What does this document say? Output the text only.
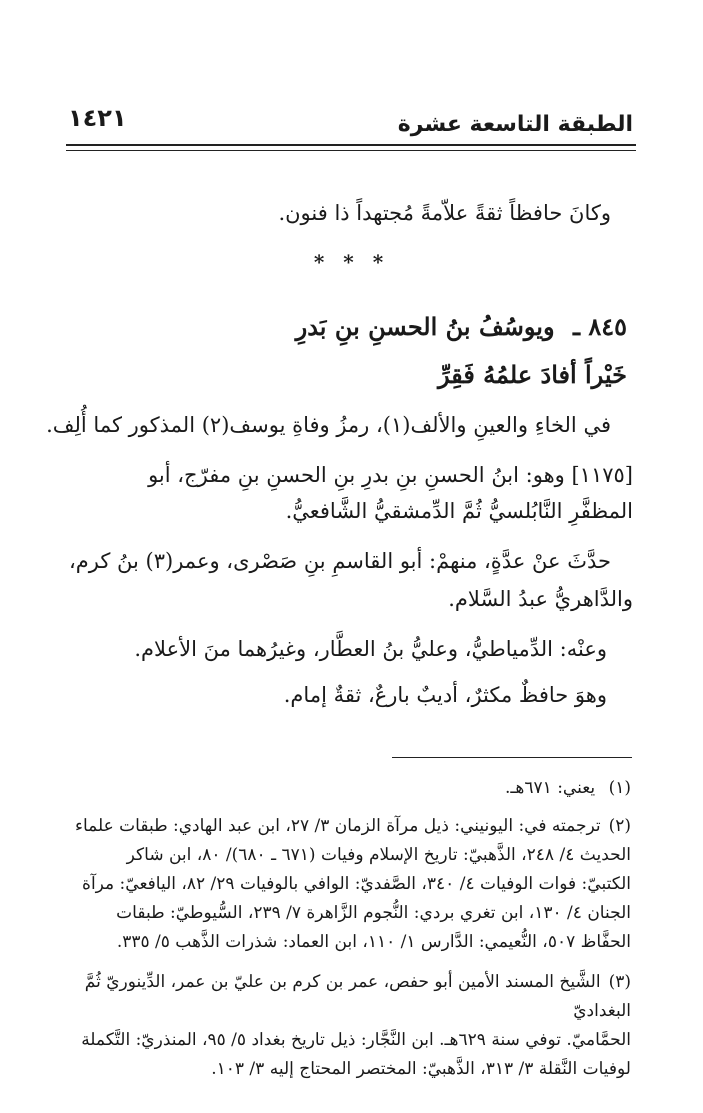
الطبقة التاسعة عشرة
١٤٢١
وكانَ حافظاً ثقةً علاّمةً مُجتهداً ذا فنون.
* * *
٨٤٥ ـ ويوسُفُ بنُ الحسنِ بنِ بَدرِ
خَيْراً أفادَ علمُهُ فَقِرِّ
في الخاءِ والعينِ والألف(١)، رمزُ وفاةِ يوسف(٢) المذكور كما أُلِف.
[١١٧٥] وهو: ابنُ الحسنِ بنِ بدرِ بنِ الحسنِ بنِ مفرّج، أبو
المظفَّرِ النَّابُلسيُّ ثُمَّ الدِّمشقيُّ الشَّافعيُّ.
حدَّثَ عنْ عدَّةٍ، منهمْ: أبو القاسمِ بنِ صَصْرى، وعمر(٣) بنُ كرم،
والدَّاهريُّ عبدُ السَّلام.
وعنْه: الدِّمياطيُّ، وعليُّ بنُ العطَّار، وغيرُهما منَ الأعلام.
وهوَ حافظٌ مكثرٌ، أديبٌ بارعٌ، ثقةٌ إمام.
(١) يعني: ٦٧١هـ.
(٢)ترجمته في: اليونيني: ذيل مرآة الزمان ٣/ ٢٧، ابن عبد الهادي: طبقات علماء
الحديث ٤/ ٢٤٨، الذَّهبيّ: تاريخ الإسلام وفيات (٦٧١ ـ ٦٨٠)/ ٨٠، ابن شاكر
الكتبيّ: فوات الوفيات ٤/ ٣٤٠، الصَّفديّ: الوافي بالوفيات ٢٩/ ٨٢، اليافعيّ: مرآة
الجنان ٤/ ١٣٠، ابن تغري بردي: النُّجوم الزَّاهرة ٧/ ٢٣٩، السُّيوطيّ: طبقات
الحفَّاظ ٥٠٧، النُّعيمي: الدَّارس ١/ ١١٠، ابن العماد: شذرات الذَّهب ٥/ ٣٣٥.
(٣)الشَّيخ المسند الأمين أبو حفص، عمر بن كرم بن عليّ بن عمر، الدِّينوريّ ثُمَّ البغداديّ
الحمَّاميّ. توفي سنة ٦٢٩هـ. ابن النَّجَّار: ذيل تاريخ بغداد ٥/ ٩٥، المنذريّ: التَّكملة
لوفيات النَّقلة ٣/ ٣١٣، الذَّهبيّ: المختصر المحتاج إليه ٣/ ١٠٣.
